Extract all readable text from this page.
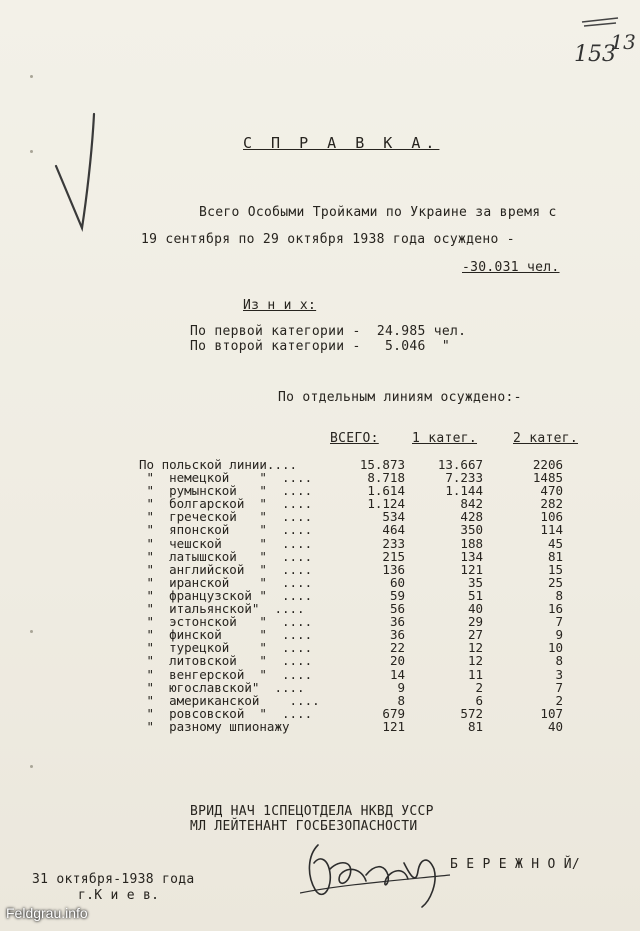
13

153
С П Р А В К А.
Всего Особыми Тройками по Украине за время с
19 сентября по 29 октября 1938 года осуждено -
-30.031 чел.
Из н и х:
По первой категории -  24.985 чел.
По второй категории -   5.046  "
По отдельным линиям осуждено:-
ВСЕГО:	1 катег.	2 катег.
По польской линии....	15.873	13.667	2206
"  немецкой    "  ....	8.718	7.233	1485
"  румынской   "  ....	1.614	1.144	470
"  болгарской  "  ....	1.124	842	282
"  греческой   "  ....	534	428	106
"  японской    "  ....	464	350	114
"  чешской     "  ....	233	188	45
"  латышской   "  ....	215	134	81
"  английской  "  ....	136	121	15
"  иранской    "  ....	60	35	25
"  французской "  ....	59	51	8
"  итальянской"  ....	56	40	16
"  эстонской   "  ....	36	29	7
"  финской     "  ....	36	27	9
"  турецкой    "  ....	22	12	10
"  литовской   "  ....	20	12	8
"  венгерской  "  ....	14	11	3
"  югославской"  ....	9	2	7
"  американской    ....	8	6	2
"  ровсовской  "  ....	679	572	107
"  разному шпионажу	121	81	40
ВРИД НАЧ 1СПЕЦОТДЕЛА НКВД УССР
МЛ ЛЕЙТЕНАНТ ГОСБЕЗОПАСНОСТИ
Б Е Р Е Ж Н О Й/
31 октября-1938 года
г.К и е в.
Feldgrau.info
